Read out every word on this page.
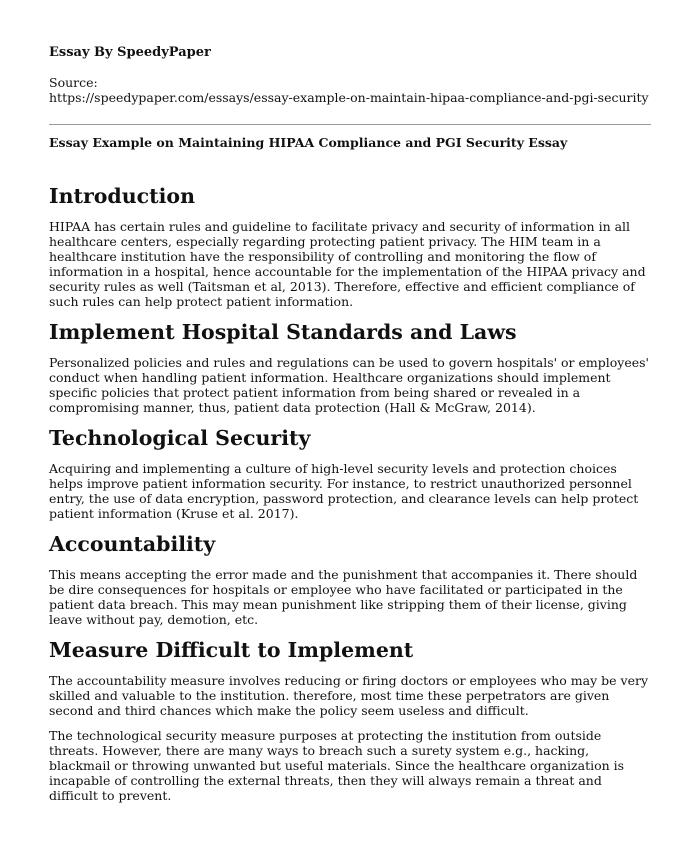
Essay By SpeedyPaper
Source:
https://speedypaper.com/essays/essay-example-on-maintain-hipaa-compliance-and-pgi-security
Essay Example on Maintaining HIPAA Compliance and PGI Security Essay
Introduction

HIPAA has certain rules and guideline to facilitate privacy and security of information in all healthcare centers, especially regarding protecting patient privacy. The HIM team in a healthcare institution have the responsibility of controlling and monitoring the flow of information in a hospital, hence accountable for the implementation of the HIPAA privacy and security rules as well (Taitsman et al, 2013). Therefore, effective and efficient compliance of such rules can help protect patient information.

Implement Hospital Standards and Laws

Personalized policies and rules and regulations can be used to govern hospitals' or employees' conduct when handling patient information. Healthcare organizations should implement specific policies that protect patient information from being shared or revealed in a compromising manner, thus, patient data protection (Hall & McGraw, 2014).

Technological Security

Acquiring and implementing a culture of high-level security levels and protection choices helps improve patient information security. For instance, to restrict unauthorized personnel entry, the use of data encryption, password protection, and clearance levels can help protect patient information (Kruse et al. 2017).

Accountability

This means accepting the error made and the punishment that accompanies it. There should be dire consequences for hospitals or employee who have facilitated or participated in the patient data breach. This may mean punishment like stripping them of their license, giving leave without pay, demotion, etc.

Measure Difficult to Implement

The accountability measure involves reducing or firing doctors or employees who may be very skilled and valuable to the institution. therefore, most time these perpetrators are given second and third chances which make the policy seem useless and difficult.

The technological security measure purposes at protecting the institution from outside threats. However, there are many ways to breach such a surety system e.g., hacking, blackmail or throwing unwanted but useful materials. Since the healthcare organization is incapable of controlling the external threats, then they will always remain a threat and difficult to prevent.
